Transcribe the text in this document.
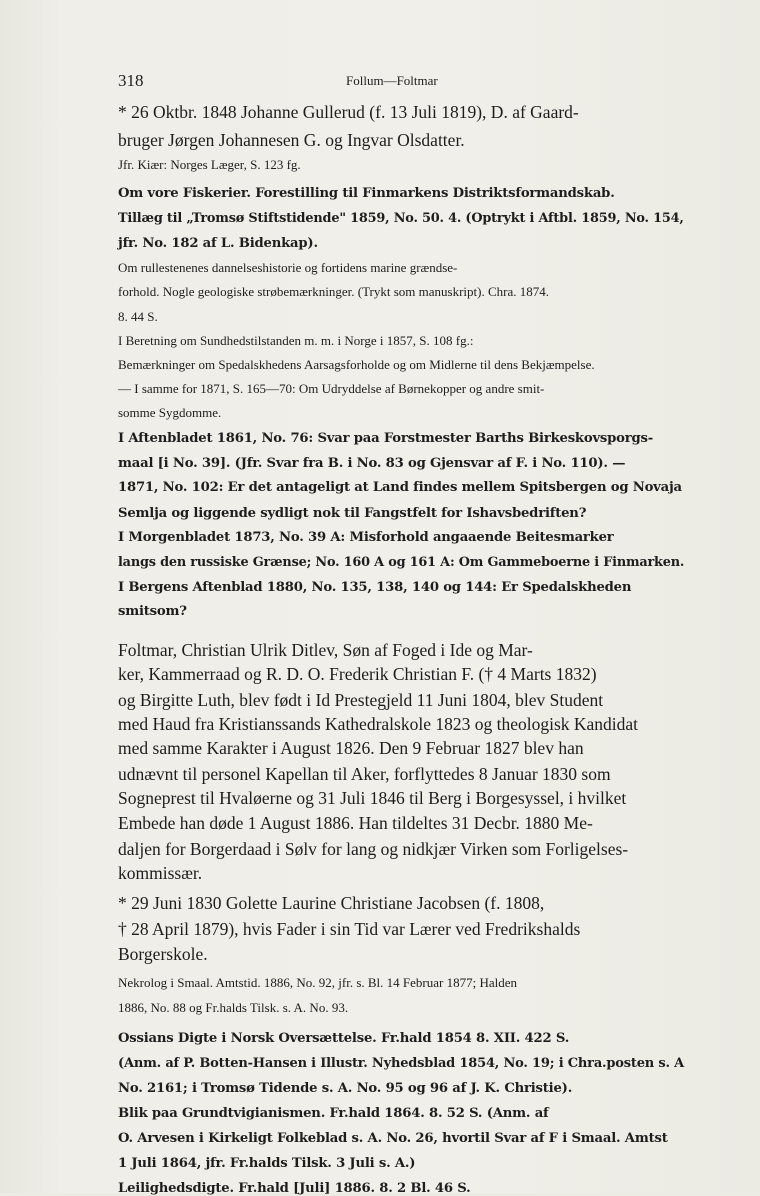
318	Follum—Foltmar
* 26 Oktbr. 1848 Johanne Gullerud (f. 13 Juli 1819), D. af Gaard-
bruger Jørgen Johannesen G. og Ingvar Olsdatter.
Jfr. Kiær: Norges Læger, S. 123 fg.
Om vore Fiskerier. Forestilling til Finmarkens Distriktsformandskab.
Tillæg til „Tromsø Stiftstidende" 1859, No. 50. 4. (Optrykt i Aftbl. 1859, No. 154,
jfr. No. 182 af L. Bidenkap).
Om rullestenenes dannelseshistorie og fortidens marine grændse-
forhold. Nogle geologiske strøbemærkninger. (Trykt som manuskript). Chra. 1874.
8. 44 S.
I Beretning om Sundhedstilstanden m. m. i Norge i 1857, S. 108 fg.:
Bemærkninger om Spedalskhedens Aarsagsforholde og om Midlerne til dens Bekjæmpelse.
— I samme for 1871, S. 165—70: Om Udryddelse af Børnekopper og andre smit-
somme Sygdomme.
I Aftenbladet 1861, No. 76: Svar paa Forstmester Barths Birkeskovsporgs-
maal [i No. 39]. (Jfr. Svar fra B. i No. 83 og Gjensvar af F. i No. 110). —
1871, No. 102: Er det antageligt at Land findes mellem Spitsbergen og Novaja
Semlja og liggende sydligt nok til Fangstfelt for Ishavsbedriften?
I Morgenbladet 1873, No. 39 A: Misforhold angaaende Beitesmarker
langs den russiske Grænse; No. 160 A og 161 A: Om Gammeboerne i Finmarken.
I Bergens Aftenblad 1880, No. 135, 138, 140 og 144: Er Spedalskheden
smitsom?
Foltmar, Christian Ulrik Ditlev, Søn af Foged i Ide og Mar-
ker, Kammerraad og R. D. O. Frederik Christian F. († 4 Marts 1832)
og Birgitte Luth, blev født i Id Prestegjeld 11 Juni 1804, blev Student
med Haud fra Kristianssands Kathedralskole 1823 og theologisk Kandidat
med samme Karakter i August 1826. Den 9 Februar 1827 blev han
udnævnt til personel Kapellan til Aker, forflyttedes 8 Januar 1830 som
Sogneprest til Hvaløerne og 31 Juli 1846 til Berg i Borgesyssel, i hvilket
Embede han døde 1 August 1886. Han tildeltes 31 Decbr. 1880 Me-
daljen for Borgerdaad i Sølv for lang og nidkjær Virken som Forligelses-
kommissær.
* 29 Juni 1830 Golette Laurine Christiane Jacobsen (f. 1808,
† 28 April 1879), hvis Fader i sin Tid var Lærer ved Fredrikshalds
Borgerskole.
Nekrolog i Smaal. Amtstid. 1886, No. 92, jfr. s. Bl. 14 Februar 1877; Halden
1886, No. 88 og Fr.halds Tilsk. s. A. No. 93.
Ossians Digte i Norsk Oversættelse. Fr.hald 1854 8. XII. 422 S.
(Anm. af P. Botten-Hansen i Illustr. Nyhedsblad 1854, No. 19; i Chra.posten s. A
No. 2161; i Tromsø Tidende s. A. No. 95 og 96 af J. K. Christie).
Blik paa Grundtvigianismen. Fr.hald 1864. 8. 52 S. (Anm. af
O. Arvesen i Kirkeligt Folkeblad s. A. No. 26, hvortil Svar af F i Smaal. Amtst
1 Juli 1864, jfr. Fr.halds Tilsk. 3 Juli s. A.)
Leilighedsdigte. Fr.hald [Juli] 1886. 8. 2 Bl. 46 S.
